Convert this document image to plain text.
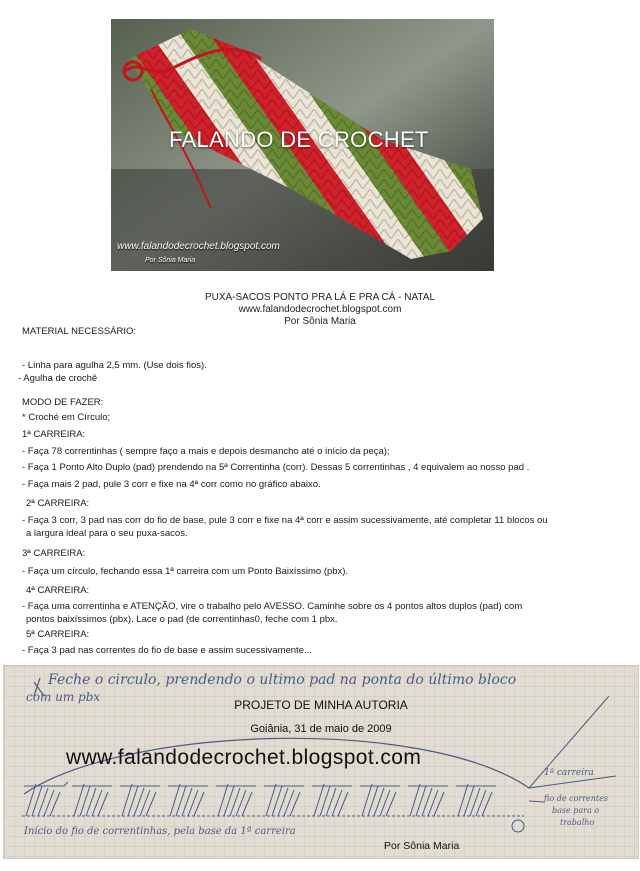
FALANDO DE CROCHET
www.falandodecrochet.blogspot.com
Por Sônia Maria
PUXA-SACOS PONTO PRA LÁ E PRA CÁ - NATAL
www.falandodecrochet.blogspot.com
Por Sônia Maria
MATERIAL NECESSÁRIO:
- Linha para agulha 2,5 mm. (Use dois fios).
- Agulha de crochê
MODO DE FAZER:
* Croché em Círculo;
1ª CARREIRA:
- Faça 78 correntinhas ( sempre faço a mais e depois desmancho até o início da peça);
- Faça 1 Ponto Alto Duplo (pad) prendendo na 5ª Correntinha (corr). Dessas 5 correntinhas , 4 equivalem ao nosso pad .
- Faça mais 2 pad, pule 3 corr e fixe na 4ª corr como no gráfico abaixo.
2ª CARREIRA:
- Faça 3 corr, 3 pad nas corr do fio de base, pule 3 corr e fixe na 4ª corr e assim sucessivamente, até completar 11 blocos ou
a largura ideal para o seu puxa-sacos.
3ª CARREIRA:
- Faça um círculo, fechando essa 1ª carreira com um Ponto Baixíssimo (pbx).
4ª CARREIRA:
- Faça uma correntinha e ATENÇÃO, vire o trabalho pelo AVESSO. Caminhe sobre os 4 pontos altos duplos (pad) com
pontos baixíssimos (pbx). Lace o pad (de correntinhas0, feche com 1 pbx.
5ª CARREIRA:
- Faça 3 pad nas correntes do fio de base e assim sucessivamente...
Feche o circulo, prendendo o ultimo pad na ponta do último bloco
com um pbx
Início do fio de correntinhas, pela base da 1ª carreira
1ª carreira
fio de correntes
base para o
trabalho
PROJETO DE MINHA AUTORIA
Goiânia, 31 de maio de 2009
www.falandodecrochet.blogspot.com
Por Sônia Maria
